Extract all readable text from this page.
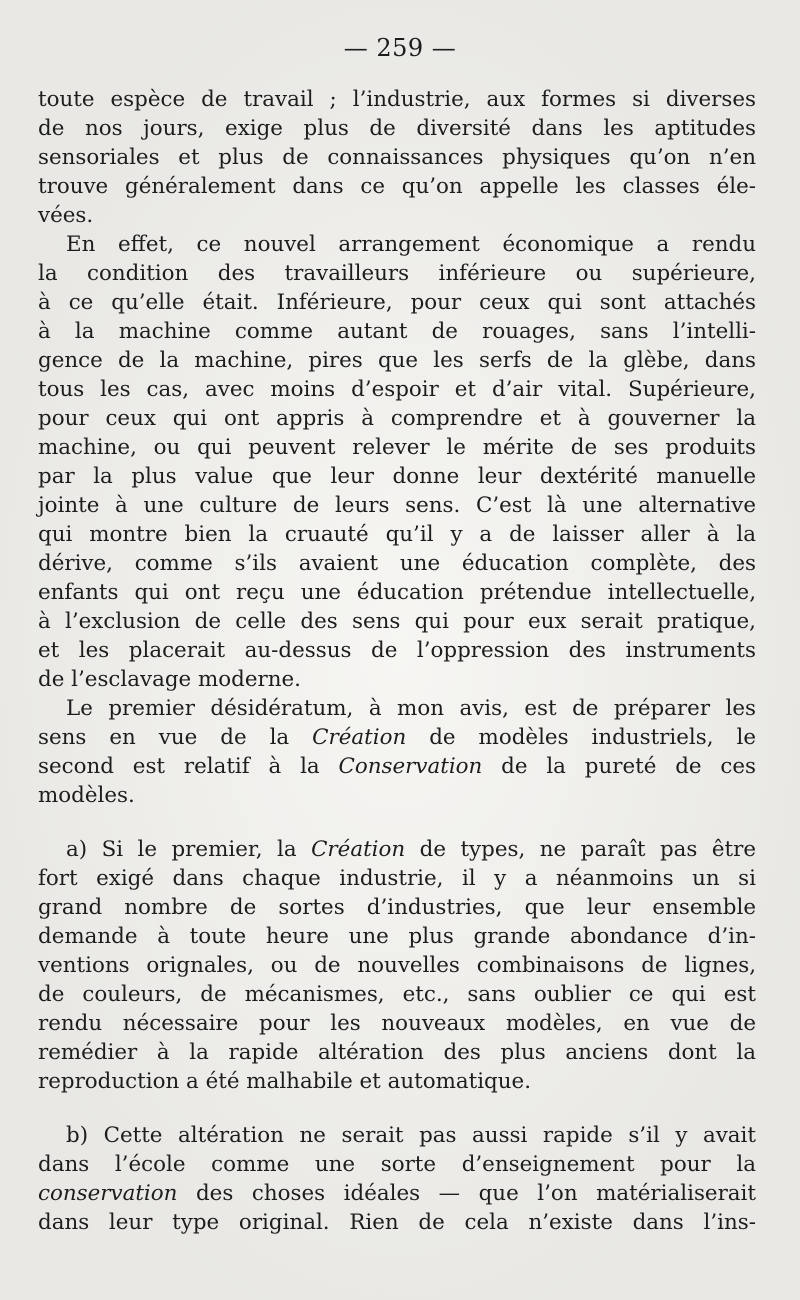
— 259 —
toute espèce de travail ; l’industrie, aux formes si diverses
de nos jours, exige plus de diversité dans les aptitudes
sensoriales et plus de connaissances physiques qu’on n’en
trouve généralement dans ce qu’on appelle les classes éle-
vées.
En effet, ce nouvel arrangement économique a rendu
la condition des travailleurs inférieure ou supérieure,
à ce qu’elle était. Inférieure, pour ceux qui sont attachés
à la machine comme autant de rouages, sans l’intelli-
gence de la machine, pires que les serfs de la glèbe, dans
tous les cas, avec moins d’espoir et d’air vital. Supérieure,
pour ceux qui ont appris à comprendre et à gouverner la
machine, ou qui peuvent relever le mérite de ses produits
par la plus value que leur donne leur dextérité manuelle
jointe à une culture de leurs sens. C’est là une alternative
qui montre bien la cruauté qu’il y a de laisser aller à la
dérive, comme s’ils avaient une éducation complète, des
enfants qui ont reçu une éducation prétendue intellectuelle,
à l’exclusion de celle des sens qui pour eux serait pratique,
et les placerait au-dessus de l’oppression des instruments
de l’esclavage moderne.
Le premier désidératum, à mon avis, est de préparer les
sens en vue de la Création de modèles industriels, le
second est relatif à la Conservation de la pureté de ces
modèles.
a) Si le premier, la Création de types, ne paraît pas être
fort exigé dans chaque industrie, il y a néanmoins un si
grand nombre de sortes d’industries, que leur ensemble
demande à toute heure une plus grande abondance d’in-
ventions orignales, ou de nouvelles combinaisons de lignes,
de couleurs, de mécanismes, etc., sans oublier ce qui est
rendu nécessaire pour les nouveaux modèles, en vue de
remédier à la rapide altération des plus anciens dont la
reproduction a été malhabile et automatique.
b) Cette altération ne serait pas aussi rapide s’il y avait
dans l’école comme une sorte d’enseignement pour la
conservation des choses idéales — que l’on matérialiserait
dans leur type original. Rien de cela n’existe dans l’ins-
